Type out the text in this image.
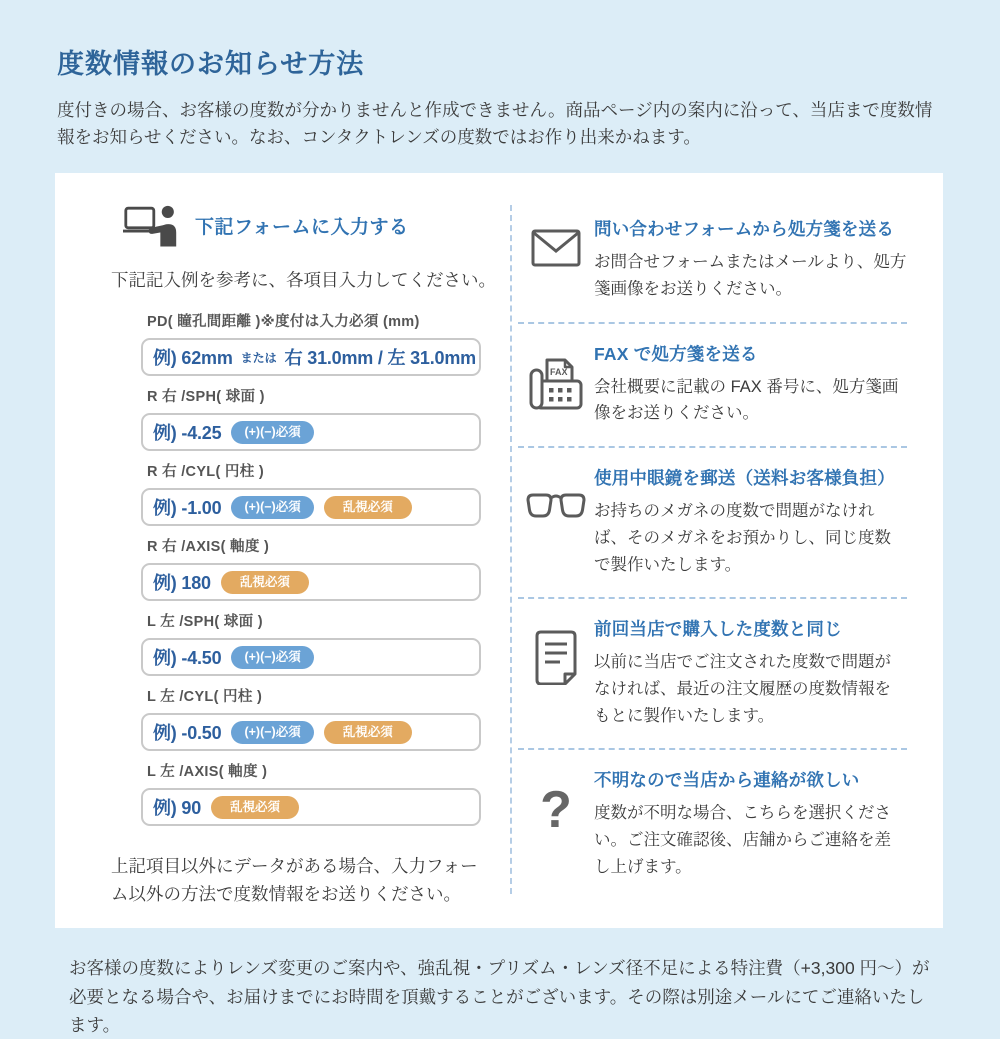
度数情報のお知らせ方法

度付きの場合、お客様の度数が分かりませんと作成できません。商品ページ内の案内に沿って、当店まで度数情報をお知らせください。なお、コンタクトレンズの度数ではお作り出来かねます。

下記フォームに入力する

下記記入例を参考に、各項目入力してください。

PD( 瞳孔間距離 )※度付は入力必須 (mm)
例) 62mm または 右 31.0mm / 左 31.0mm
R 右 /SPH( 球面 )
例) -4.25	(+)(−)必須
R 右 /CYL( 円柱 )
例) -1.00	(+)(−)必須	乱視必須
R 右 /AXIS( 軸度 )
例) 180	乱視必須
L 左 /SPH( 球面 )
例) -4.50	(+)(−)必須
L 左 /CYL( 円柱 )
例) -0.50	(+)(−)必須	乱視必須
L 左 /AXIS( 軸度 )
例) 90	乱視必須

上記項目以外にデータがある場合、入力フォーム以外の方法で度数情報をお送りください。

問い合わせフォームから処方箋を送る
お問合せフォームまたはメールより、処方箋画像をお送りください。
FAX
FAX で処方箋を送る
会社概要に記載の FAX 番号に、処方箋画像をお送りください。
使用中眼鏡を郵送（送料お客様負担）
お持ちのメガネの度数で問題がなければ、そのメガネをお預かりし、同じ度数で製作いたします。
前回当店で購入した度数と同じ
以前に当店でご注文された度数で問題がなければ、最近の注文履歴の度数情報をもとに製作いたします。
?
不明なので当店から連絡が欲しい
度数が不明な場合、こちらを選択ください。ご注文確認後、店舗からご連絡を差し上げます。

お客様の度数によりレンズ変更のご案内や、強乱視・プリズム・レンズ径不足による特注費（+3,300 円〜）が必要となる場合や、お届けまでにお時間を頂戴することがございます。その際は別途メールにてご連絡いたします。
